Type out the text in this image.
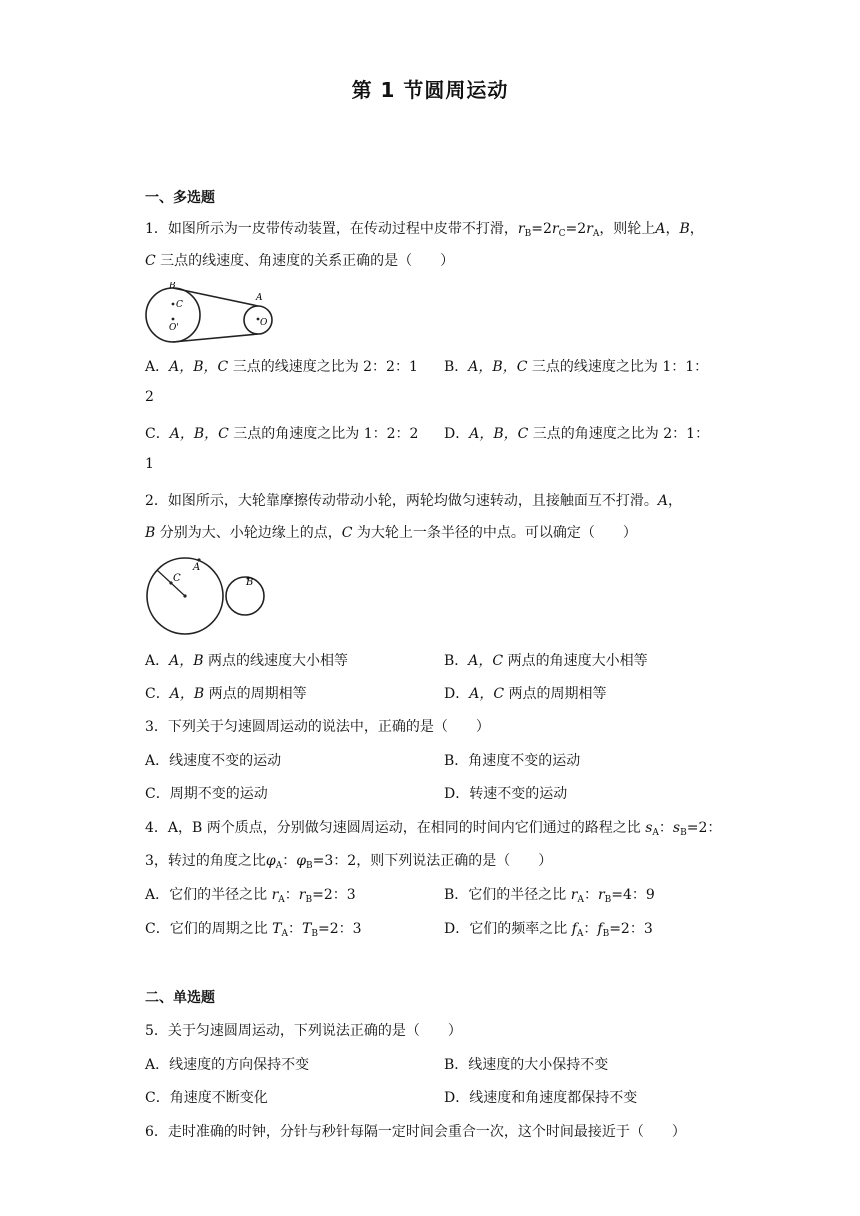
第 1 节圆周运动
一、多选题
1．如图所示为一皮带传动装置，在传动过程中皮带不打滑，$r_B=2r_C=2r_A$，则轮上A，B，
C 三点的线速度、角速度的关系正确的是（　　）
B
C
O'
A
O
A．A，B，C 三点的线速度之比为 2：2：1 B．A，B，C 三点的线速度之比为 1：1：
2
C．A，B，C 三点的角速度之比为 1：2：2 D．A，B，C 三点的角速度之比为 2：1：
1
2．如图所示，大轮靠摩擦传动带动小轮，两轮均做匀速转动，且接触面互不打滑。A，
B 分别为大、小轮边缘上的点，C 为大轮上一条半径的中点。可以确定（　　）
A
C	B
A．A，B 两点的线速度大小相等	B．A，C 两点的角速度大小相等
C．A，B 两点的周期相等	D．A，C 两点的周期相等
3．下列关于匀速圆周运动的说法中，正确的是（　　）
A．线速度不变的运动	B．角速度不变的运动
C．周期不变的运动	D．转速不变的运动
4．A，B 两个质点，分别做匀速圆周运动，在相同的时间内它们通过的路程之比 $s_A$：$s_B=2$：
3，转过的角度之比$\varphi_A$：$\varphi_B=3$：2，则下列说法正确的是（　　）
A．它们的半径之比 $r_A$：$r_B=2$：3	B．它们的半径之比 $r_A$：$r_B=4$：9
C．它们的周期之比 $T_A$：$T_B=2$：3	D．它们的频率之比 $f_A$：$f_B=2$：3
二、单选题
5．关于匀速圆周运动，下列说法正确的是（　　）
A．线速度的方向保持不变	B．线速度的大小保持不变
C．角速度不断变化	D．线速度和角速度都保持不变
6．走时准确的时钟，分针与秒针每隔一定时间会重合一次，这个时间最接近于（　　）
